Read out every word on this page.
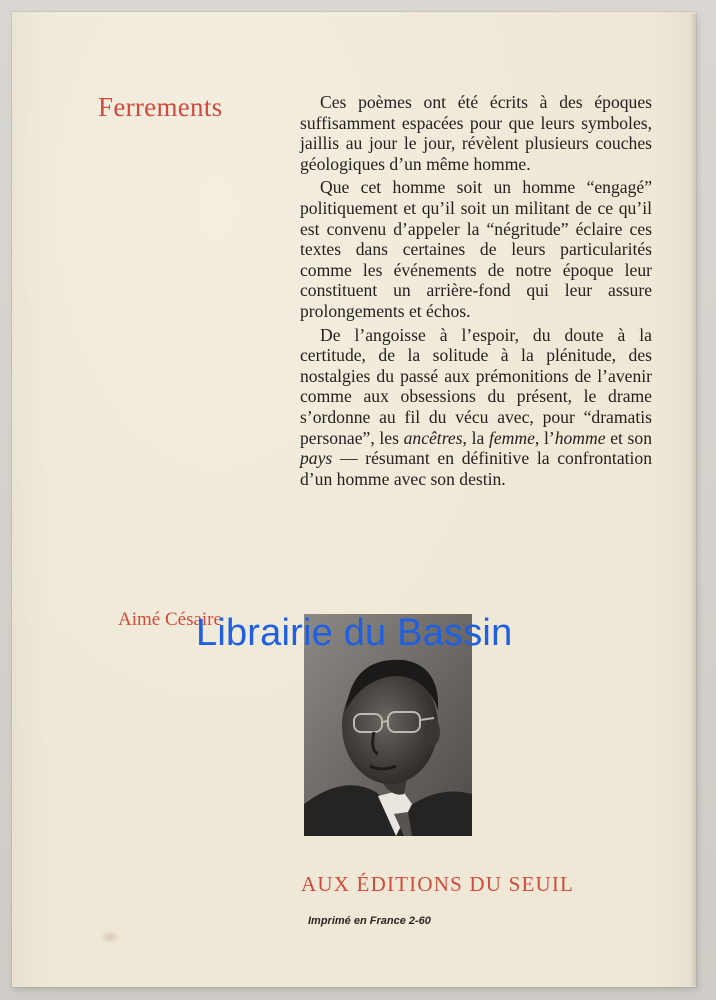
Ferrements	Ces poèmes ont été écrits à des époques suffisamment espacées pour que leurs symboles, jaillis au jour le jour, révèlent plusieurs couches géologiques d’un même homme.

Que cet homme soit un homme “engagé” politiquement et qu’il soit un militant de ce qu’il est convenu d’appeler la “négritude” éclaire ces textes dans certaines de leurs particularités comme les événements de notre époque leur constituent un arrière-fond qui leur assure prolongements et échos.

De l’angoisse à l’espoir, du doute à la certitude, de la solitude à la plénitude, des nostalgies du passé aux prémonitions de l’avenir comme aux obsessions du présent, le drame s’ordonne au fil du vécu avec, pour “dramatis personae”, les ancêtres, la femme, l’homme et son pays — résumant en définitive la confrontation d’un homme avec son destin.

Aimé Césaire
Librairie du Bassin
AUX ÉDITIONS DU SEUIL
Imprimé en France 2-60
